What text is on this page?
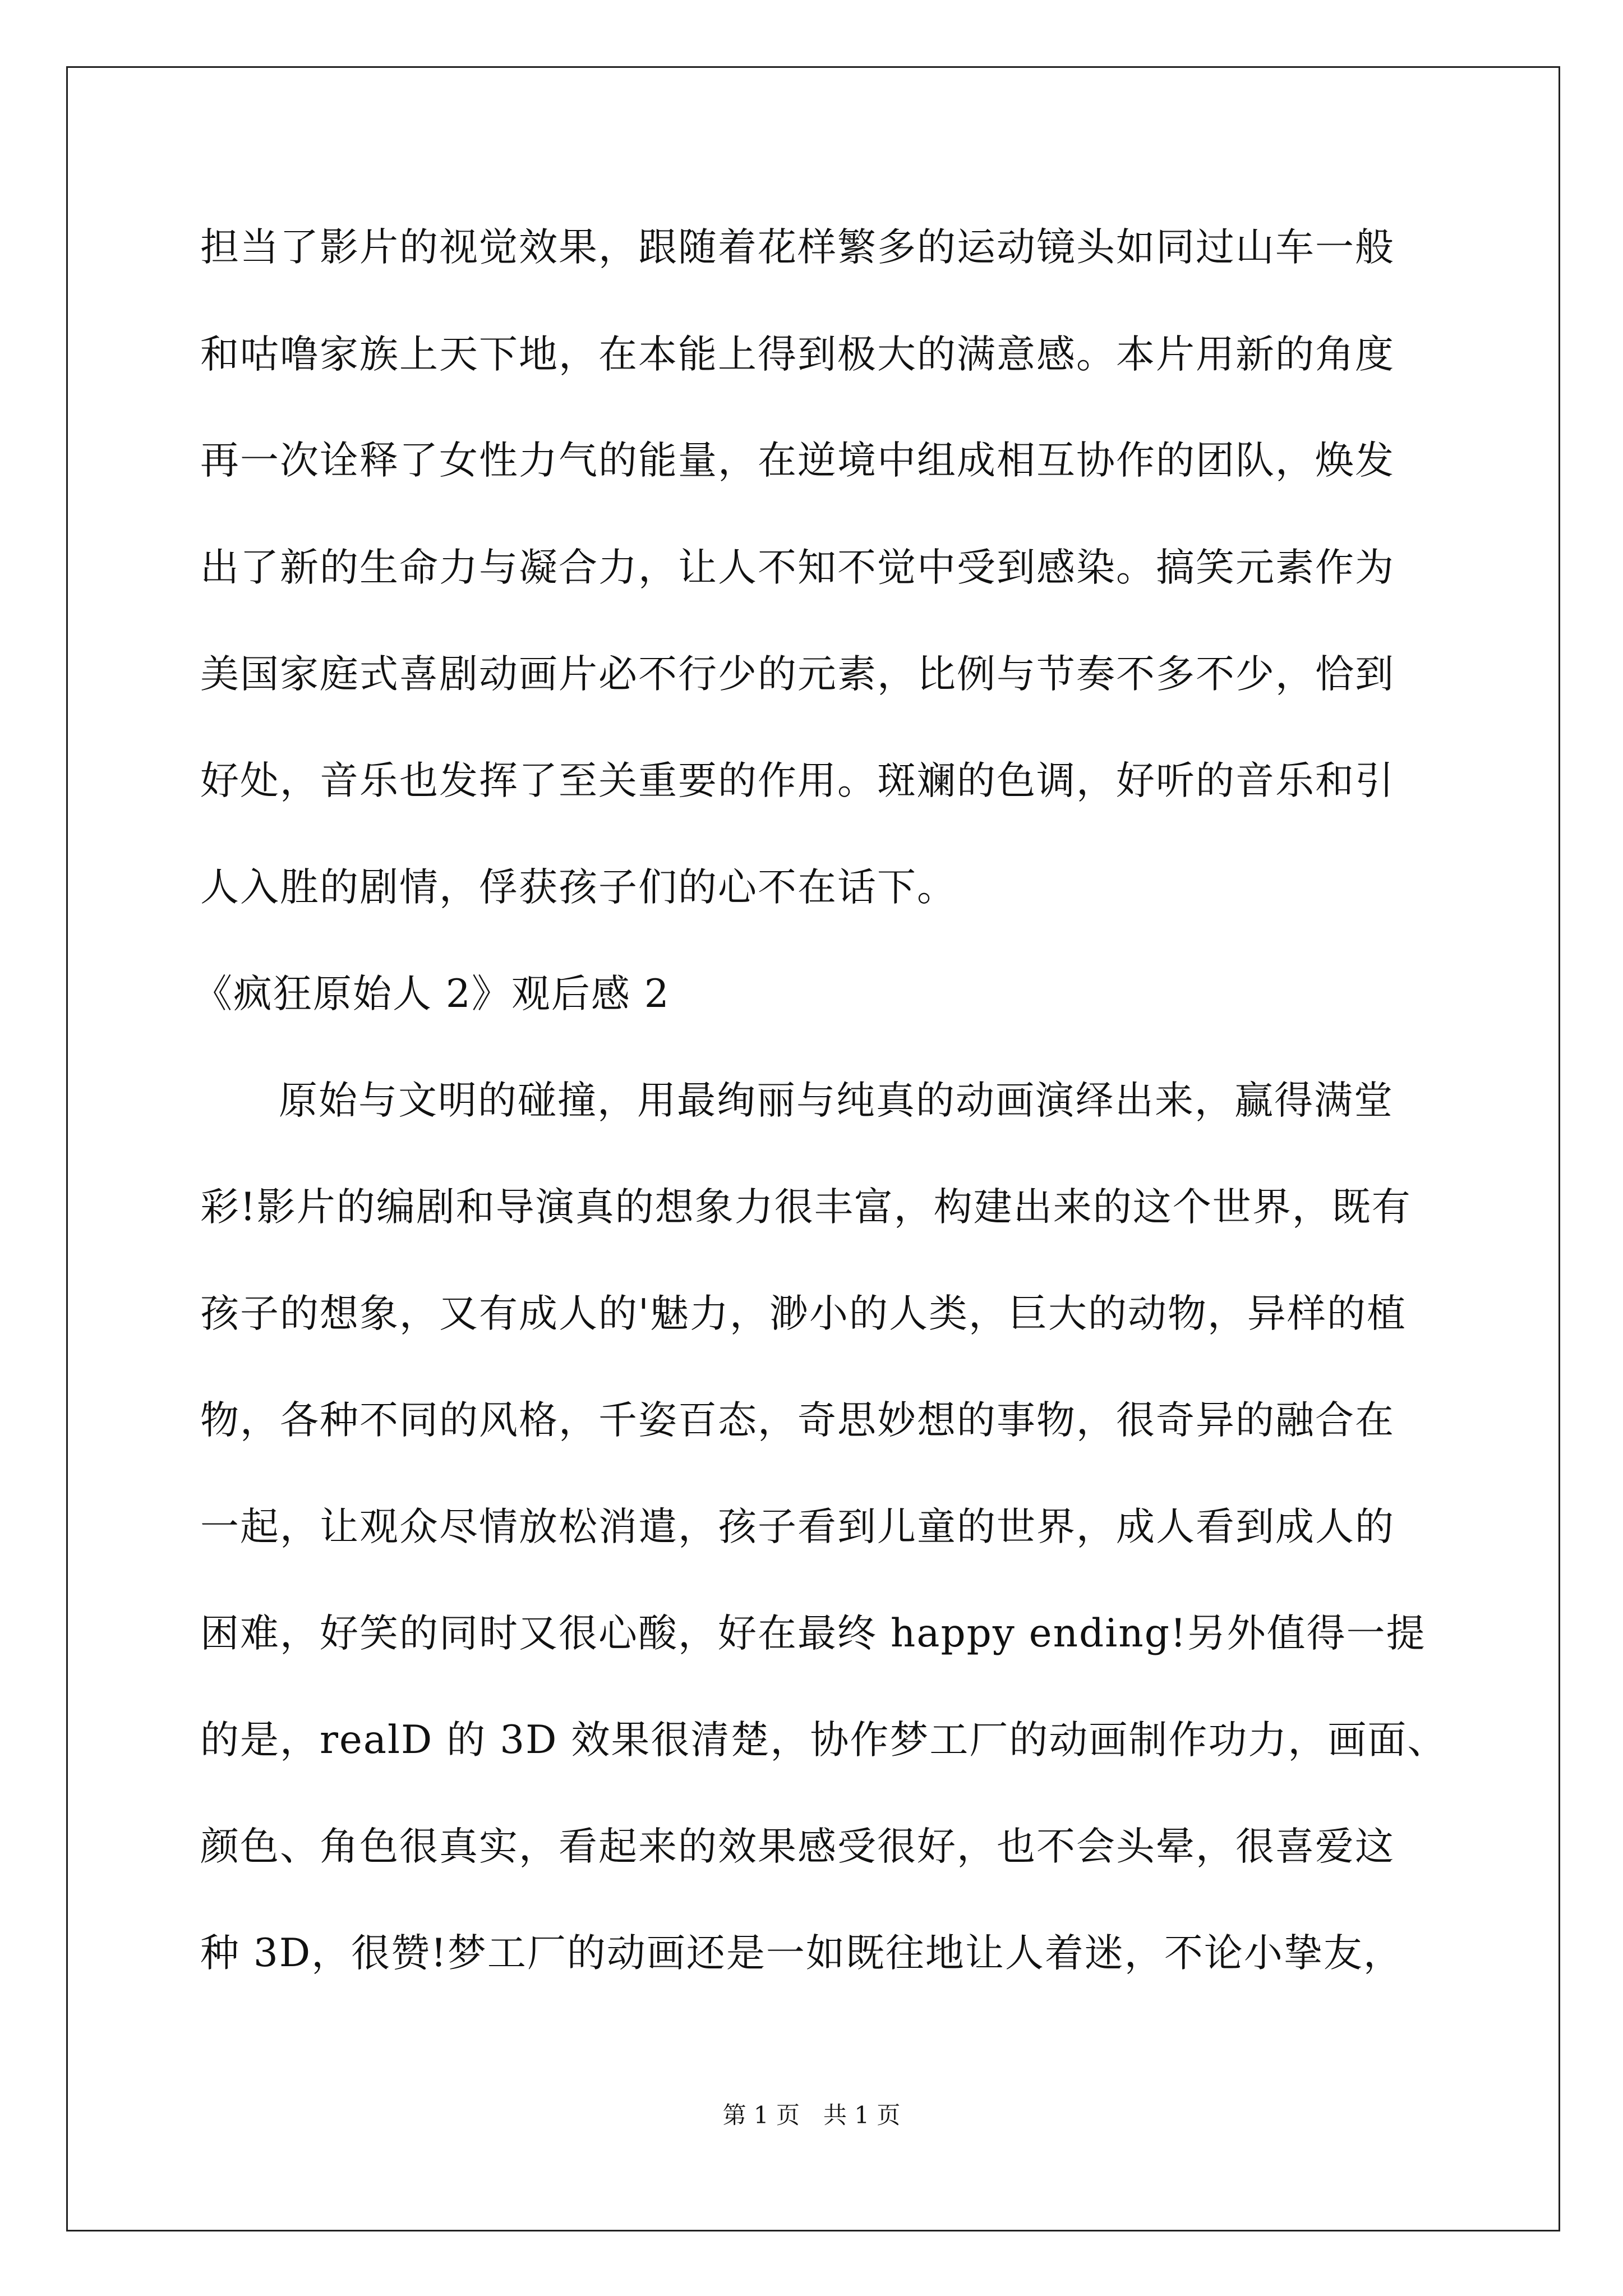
担当了影片的视觉效果，跟随着花样繁多的运动镜头如同过山车一般
和咕噜家族上天下地，在本能上得到极大的满意感。本片用新的角度
再一次诠释了女性力气的能量，在逆境中组成相互协作的团队，焕发
出了新的生命力与凝合力，让人不知不觉中受到感染。搞笑元素作为
美国家庭式喜剧动画片必不行少的元素，比例与节奏不多不少，恰到
好处，音乐也发挥了至关重要的作用。斑斓的色调，好听的音乐和引
人入胜的剧情，俘获孩子们的心不在话下。
《疯狂原始人 2》观后感 2
原始与文明的碰撞，用最绚丽与纯真的动画演绎出来，赢得满堂
彩!影片的编剧和导演真的想象力很丰富，构建出来的这个世界，既有
孩子的想象，又有成人的'魅力，渺小的人类，巨大的动物，异样的植
物，各种不同的风格，千姿百态，奇思妙想的事物，很奇异的融合在
一起，让观众尽情放松消遣，孩子看到儿童的世界，成人看到成人的
困难，好笑的同时又很心酸，好在最终 happy ending!另外值得一提
的是，realD 的 3D 效果很清楚，协作梦工厂的动画制作功力，画面、
颜色、角色很真实，看起来的效果感受很好，也不会头晕，很喜爱这
种 3D，很赞!梦工厂的动画还是一如既往地让人着迷，不论小挚友，
第 1 页　共 1 页
